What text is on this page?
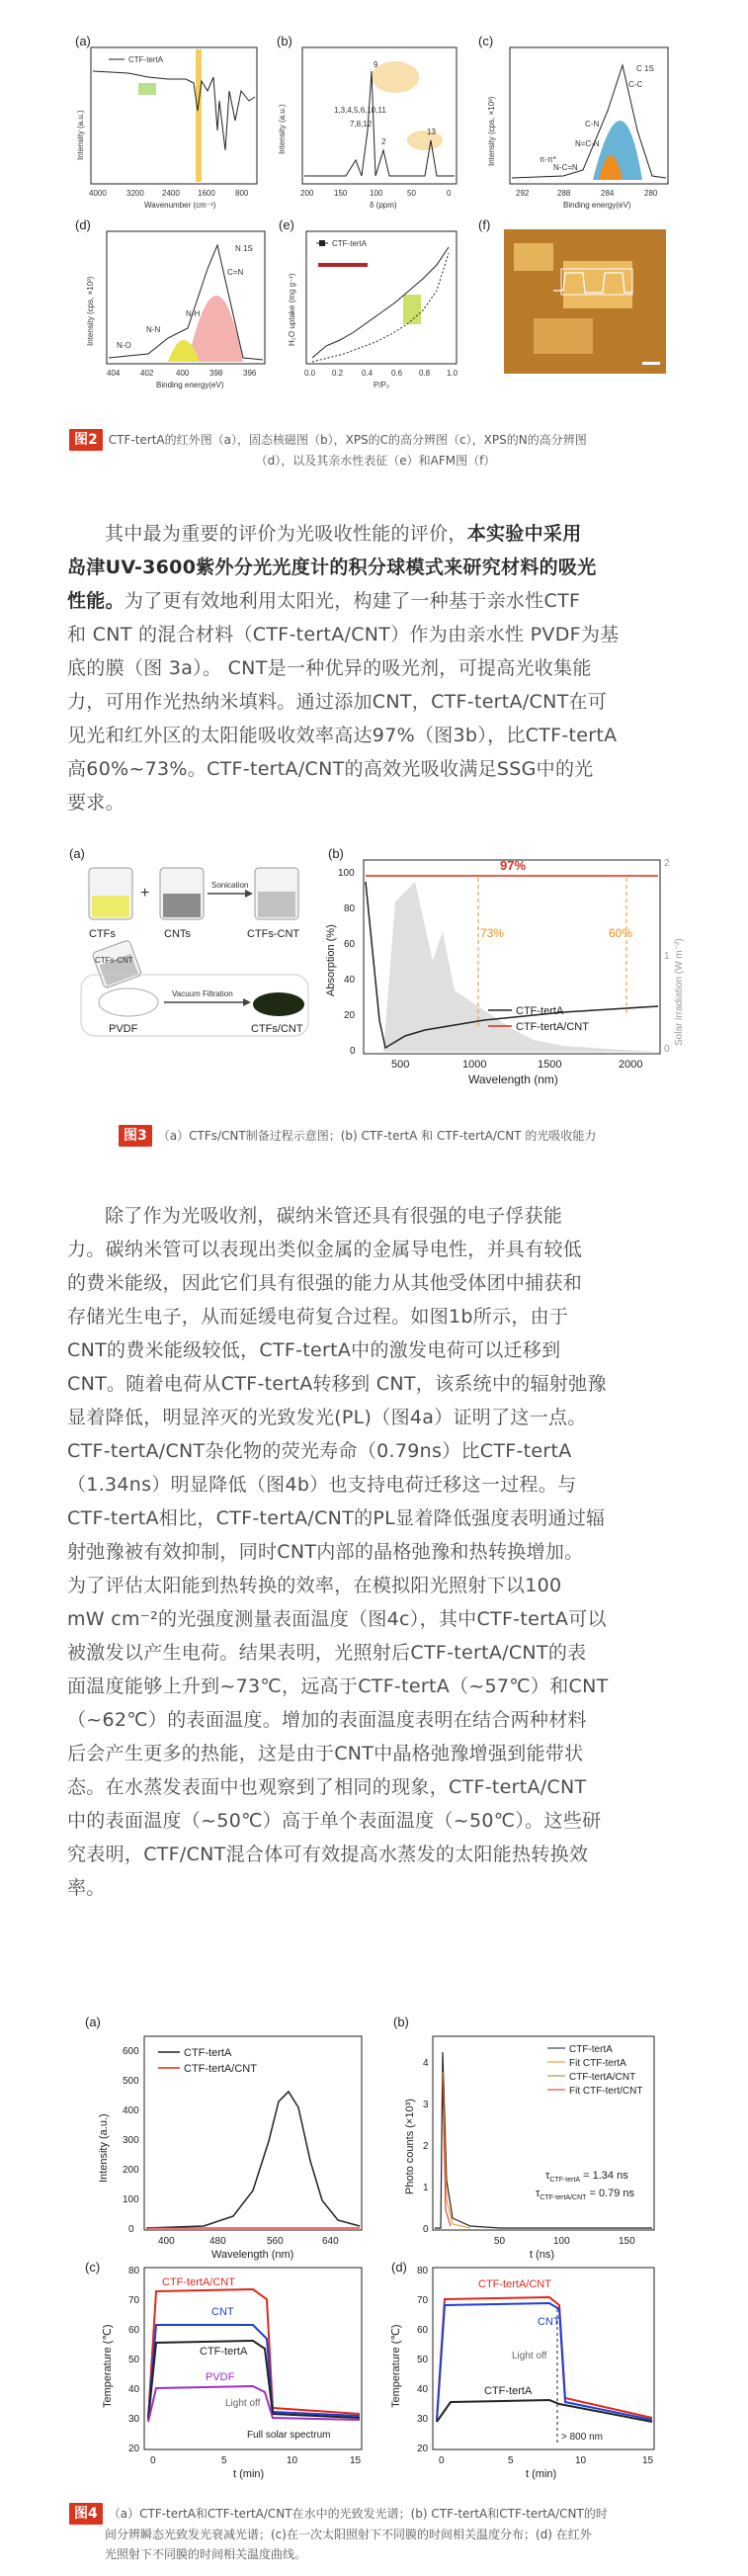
(a)
CTF-tertA
4000	3200 2400 1600	800
Wavenumber (cm⁻¹)
Intensity (a.u.)
(b)
1,3,4,5,6,10,11
7,8,12
9
2
13
200	150	100	50	0
δ (ppm)
Intensity (a.u.)
(c)
C 1S
C-N
C-C
π-π*
N-C=N
N=C-N
292	288	284	280
Binding energy(eV)
Intensity (cps, ×10³)
(d)
N 1S
C=N
N-H
N-N
N-O
404	402	400	398	396
Binding energy(eV)
Intensity (cps, ×10³)
(e)
CTF-tertA
0.0 0.2 0.4 0.6 0.8 1.0
P/P₀
H₂O uptake (mg g⁻¹)
(f)
图2 CTF-tertA的红外图（a），固态核磁图（b），XPS的C的高分辨图（c），XPS的N的高分辨图
（d），以及其亲水性表征（e）和AFM图（f）
其中最为重要的评价为光吸收性能的评价，本实验中采用
岛津UV-3600紫外分光光度计的积分球模式来研究材料的吸光
性能。为了更有效地利用太阳光，构建了一种基于亲水性CTF
和 CNT 的混合材料（CTF-tertA/CNT）作为由亲水性 PVDF为基
底的膜（图 3a）。 CNT是一种优异的吸光剂，可提高光收集能
力，可用作光热纳米填料。通过添加CNT，CTF-tertA/CNT在可
见光和红外区的太阳能吸收效率高达97%（图3b），比CTF-tertA
高60%~73%。CTF-tertA/CNT的高效光吸收满足SSG中的光
要求。
(a)
+	Sonication
CTFs	CNTs	CTFs-CNT
CTFs-CNT
PVDF
Vacuum Filtration
CTFs/CNT
(b)
97%
73%	60%
CTF-tertA
CTF-tertA/CNT
0
20
40
60
80
100
0
1
2
500	1000	1500	2000
Wavelength (nm)
Absorption (%)	Solar irradiation (W m⁻²)
图3 （a）CTFs/CNT制备过程示意图；(b) CTF-tertA 和 CTF-tertA/CNT 的光吸收能力
除了作为光吸收剂，碳纳米管还具有很强的电子俘获能
力。碳纳米管可以表现出类似金属的金属导电性，并具有较低
的费米能级，因此它们具有很强的能力从其他受体团中捕获和
存储光生电子，从而延缓电荷复合过程。如图1b所示，由于
CNT的费米能级较低，CTF-tertA中的激发电荷可以迁移到
CNT。随着电荷从CTF-tertA转移到 CNT，该系统中的辐射弛豫
显着降低，明显淬灭的光致发光(PL)（图4a）证明了这一点。
CTF-tertA/CNT杂化物的荧光寿命（0.79ns）比CTF-tertA
（1.34ns）明显降低（图4b）也支持电荷迁移这一过程。与
CTF-tertA相比，CTF-tertA/CNT的PL显着降低强度表明通过辐
射弛豫被有效抑制，同时CNT内部的晶格弛豫和热转换增加。
为了评估太阳能到热转换的效率，在模拟阳光照射下以100
mW cm⁻²的光强度测量表面温度（图4c），其中CTF-tertA可以
被激发以产生电荷。结果表明，光照射后CTF-tertA/CNT的表
面温度能够上升到~73℃，远高于CTF-tertA（~57℃）和CNT
（~62℃）的表面温度。增加的表面温度表明在结合两种材料
后会产生更多的热能，这是由于CNT中晶格弛豫增强到能带状
态。在水蒸发表面中也观察到了相同的现象，CTF-tertA/CNT
中的表面温度（~50℃）高于单个表面温度（~50℃）。这些研
究表明，CTF/CNT混合体可有效提高水蒸发的太阳能热转换效
率。
(a)
CTF-tertA
CTF-tertA/CNT
0
100
200
300
400
500
600
400	480	560	640
Wavelength (nm)
Intensity (a.u.)
(b)
CTF-tertA
Fit CTF-tertA
CTF-tertA/CNT
Fit CTF-tert/CNT
$\tau_{CTF-tertA} = 1.34$ ns
$\tau_{CTF-tertA/CNT} = 0.79$ ns
0
1
2
3
4
50	100	150
t (ns)
Photo counts (×10³)
(c)
CTF-tertA/CNT
CNT
CTF-tertA
PVDF
Light off
Full solar spectrum
20
30
40
50
60
70
80
0	5	10	15
t (min)
Temperature (℃)
(d)
CTF-tertA/CNT
CNT
CTF-tertA
Light off
> 800 nm
20
30
40
50
60
70
80
0	5	10	15
t (min)
Temperature (℃)
图4 （a）CTF-tertA和CTF-tertA/CNT在水中的光致发光谱；(b) CTF-tertA和CTF-tertA/CNT的时
间分辨瞬态光致发光衰减光谱；(c)在一次太阳照射下不同膜的时间相关温度分布；(d) 在红外
光照射下不同膜的时间相关温度曲线。
